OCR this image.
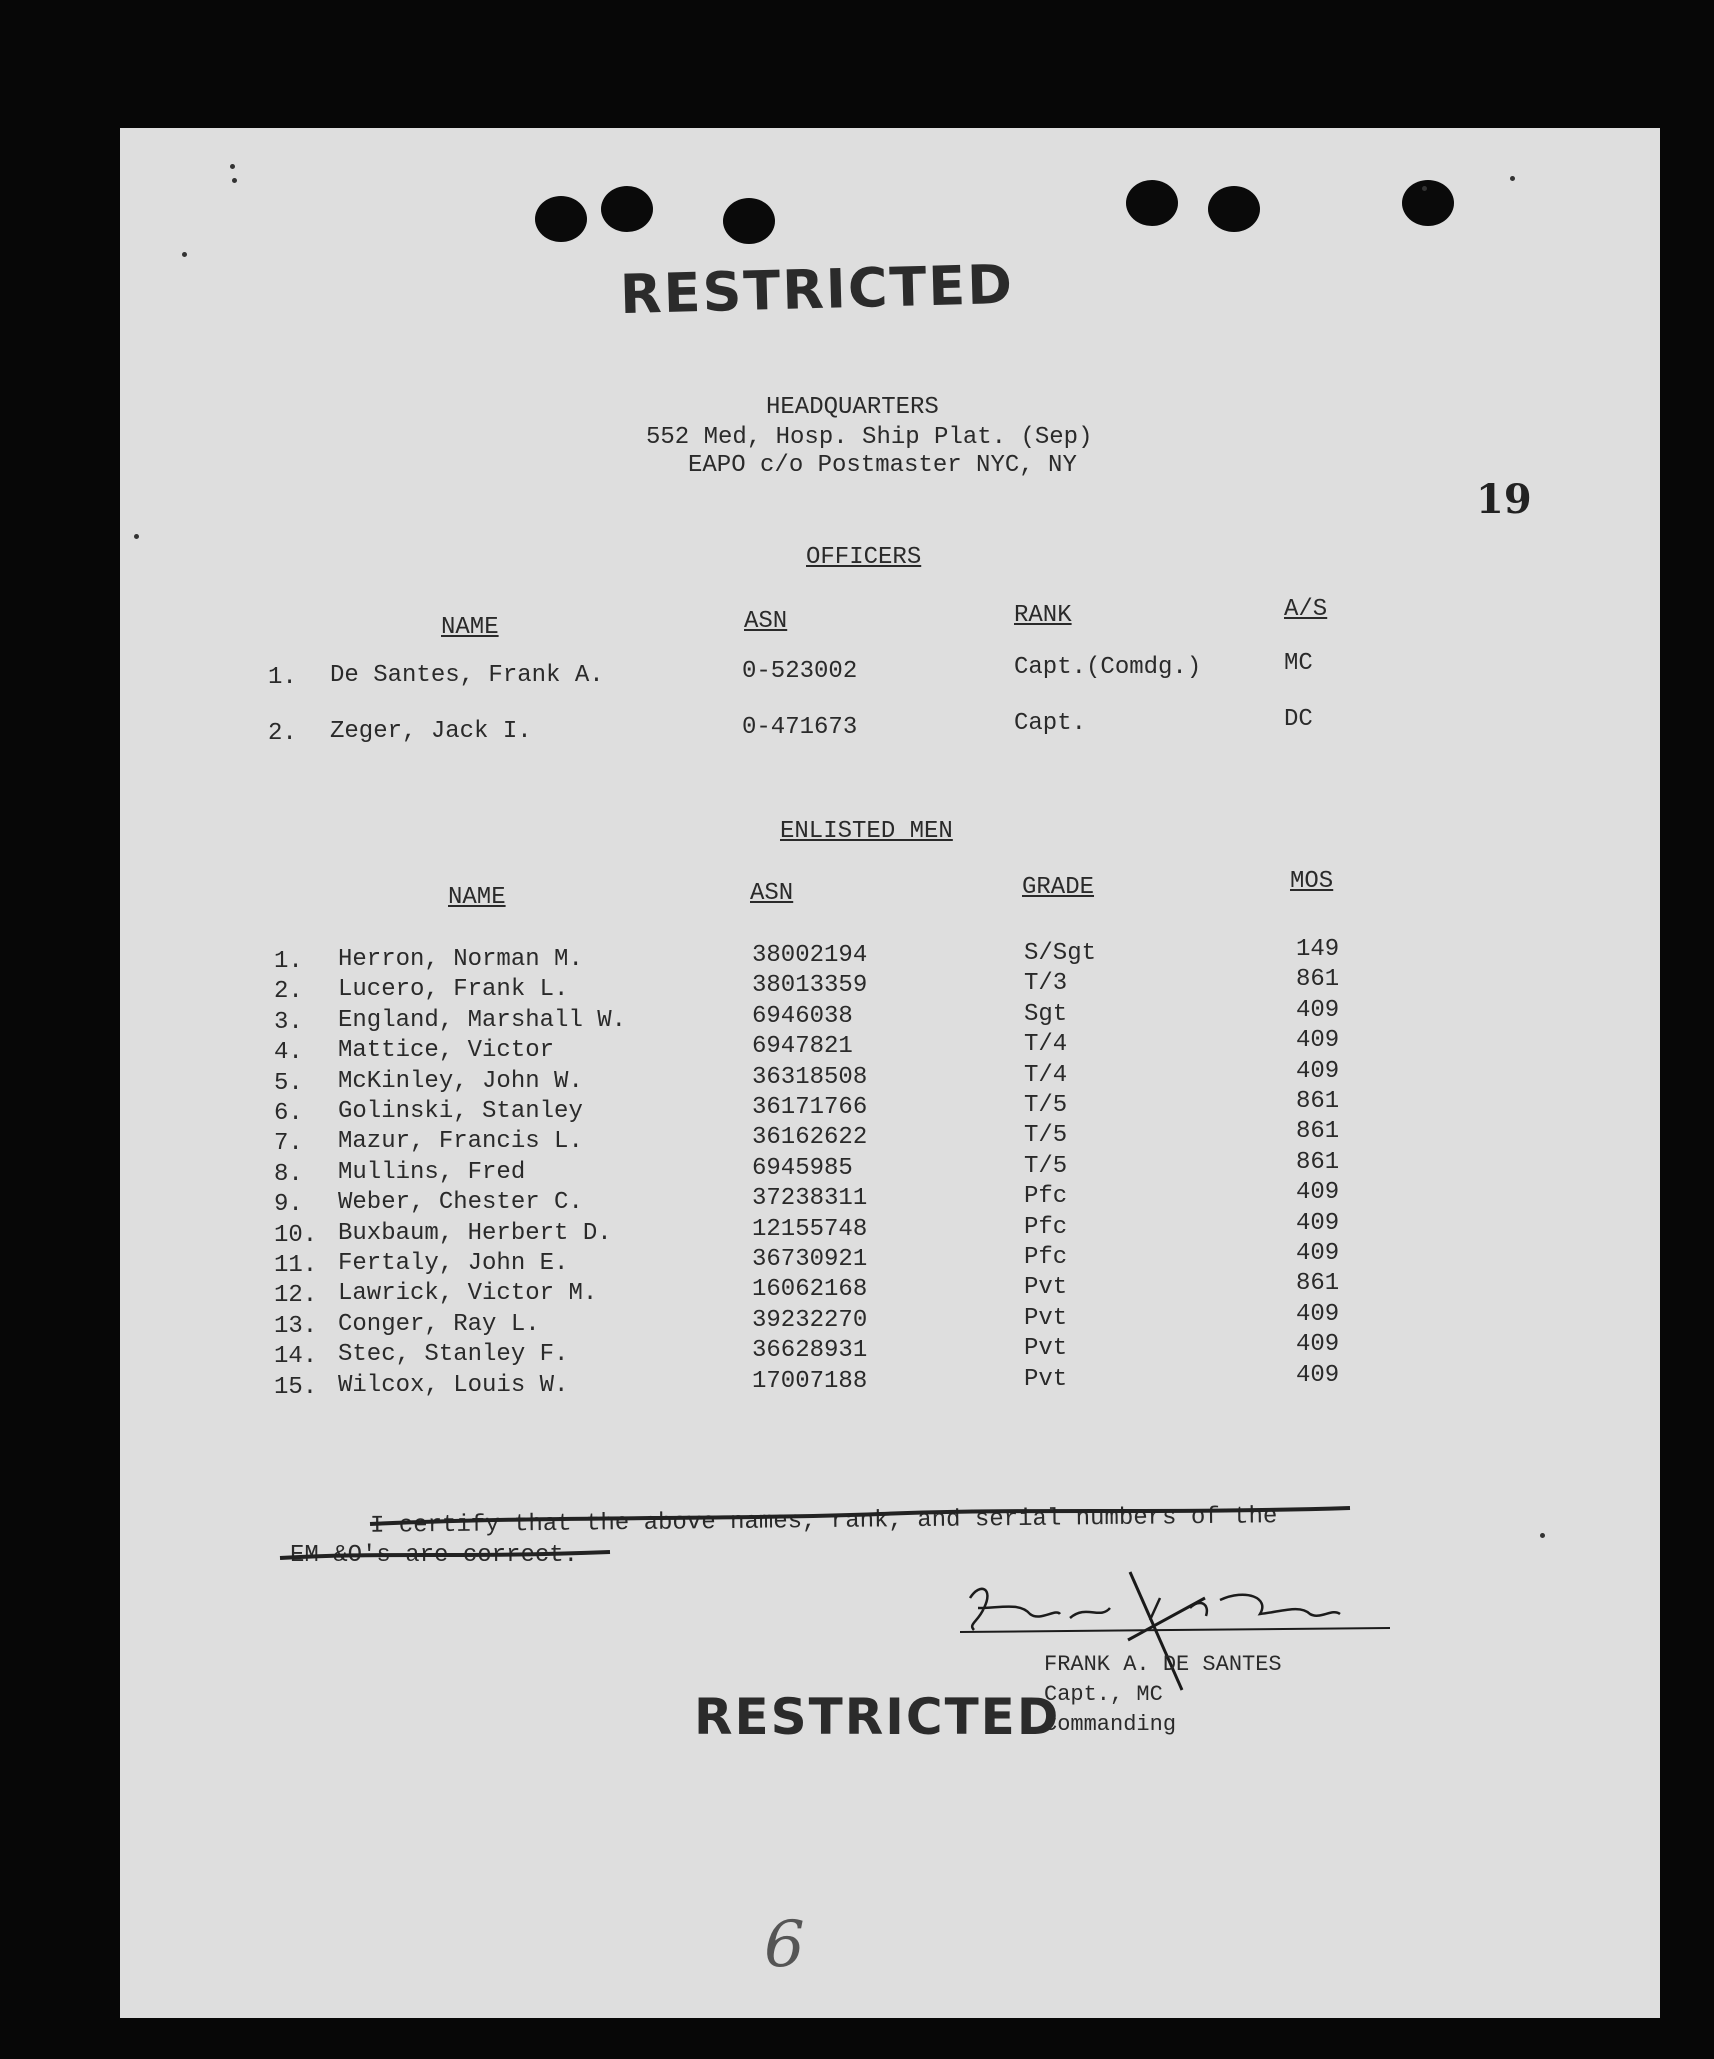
RESTRICTED
HEADQUARTERS
552 Med, Hosp. Ship Plat. (Sep)
EAPO c/o Postmaster NYC, NY
19
OFFICERS
NAME	ASN	RANK	A/S
1. De Santes, Frank A.	0-523002	Capt.(Comdg.)	MC
2. Zeger, Jack I.	0-471673	Capt.	DC
ENLISTED MEN
NAME	ASN	GRADE	MOS
1. Herron, Norman M.	38002194	S/Sgt	149
2. Lucero, Frank L.	38013359	T/3	861
3. England, Marshall W.	6946038	Sgt	409
4. Mattice, Victor	6947821	T/4	409
5. McKinley, John W.	36318508	T/4	409
6. Golinski, Stanley	36171766	T/5	861
7. Mazur, Francis L.	36162622	T/5	861
8. Mullins, Fred	6945985	T/5	861
9. Weber, Chester C.	37238311	Pfc	409
10. Buxbaum, Herbert D.	12155748	Pfc	409
11. Fertaly, John E.	36730921	Pfc	409
12. Lawrick, Victor M.	16062168	Pvt	861
13. Conger, Ray L.	39232270	Pvt	409
14. Stec, Stanley F.	36628931	Pvt	409
15. Wilcox, Louis W.	17007188	Pvt	409
I certify that the above names, rank, and serial numbers of the
EM &O's are correct.
FRANK A. DE SANTES
Capt., MC
Commanding
RESTRICTED
6
